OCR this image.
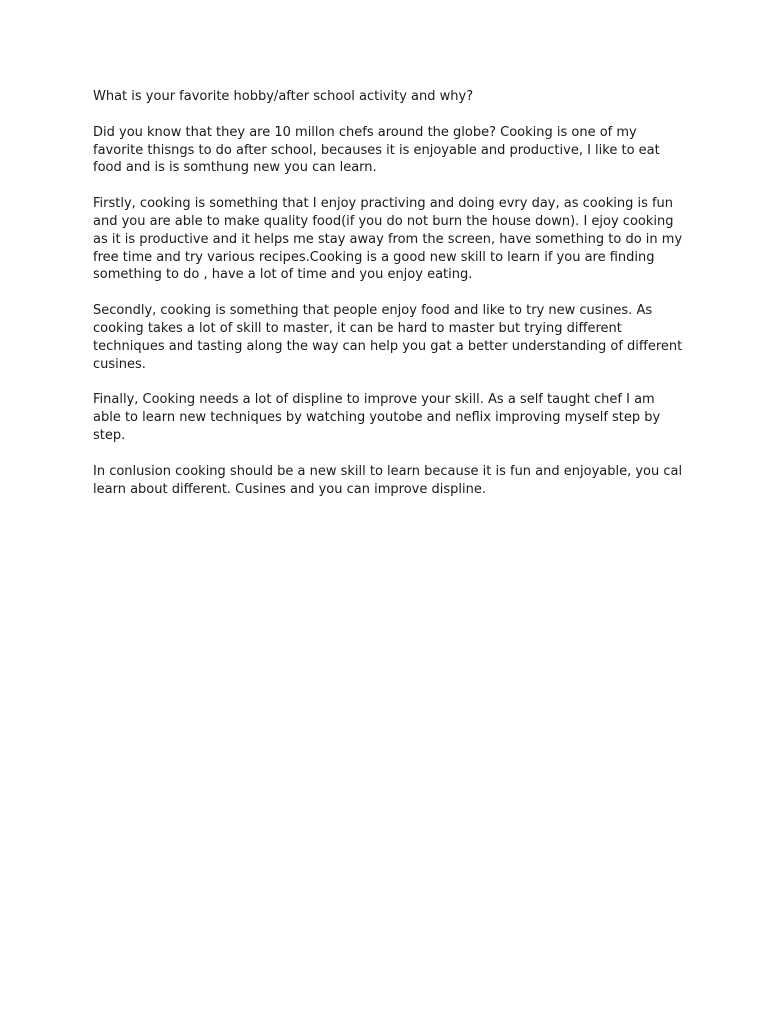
What is your favorite hobby/after school activity and why?

Did you know that they are 10 millon chefs around the globe? Cooking is one of my favorite thisngs to do after school, becauses it is enjoyable and productive, I like to eat food and is is somthung new you can learn.

Firstly, cooking is something that I enjoy practiving and doing evry day, as cooking is fun and you are able to make quality food(if you do not burn the house down). I ejoy cooking as it is productive and it helps me stay away from the screen, have something to do in my free time and try various recipes.Cooking is a good new skill to learn if you are finding something to do , have a lot of time and you enjoy eating.

Secondly, cooking is something that people enjoy food and like to try new cusines. As cooking takes a lot of skill to master, it can be hard to master but trying different techniques and tasting along the way can help you gat a better understanding of different cusines.

Finally, Cooking needs a lot of displine to improve your skill. As a self taught chef I am able to learn new techniques by watching youtobe and neflix improving myself step by step.

In conlusion cooking should be a new skill to learn because it is fun and enjoyable, you cal learn about different. Cusines and you can improve displine.
